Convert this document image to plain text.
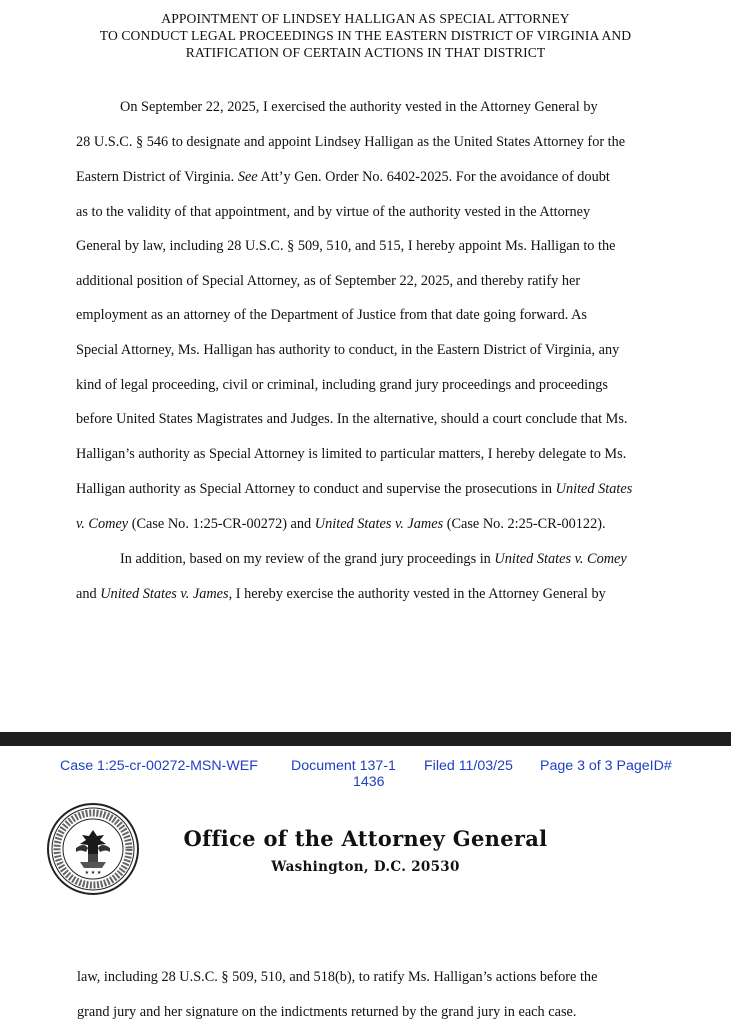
APPOINTMENT OF LINDSEY HALLIGAN AS SPECIAL ATTORNEY
TO CONDUCT LEGAL PROCEEDINGS IN THE EASTERN DISTRICT OF VIRGINIA AND
RATIFICATION OF CERTAIN ACTIONS IN THAT DISTRICT
On September 22, 2025, I exercised the authority vested in the Attorney General by
28 U.S.C. § 546 to designate and appoint Lindsey Halligan as the United States Attorney for the
Eastern District of Virginia. See Att’y Gen. Order No. 6402-2025. For the avoidance of doubt
as to the validity of that appointment, and by virtue of the authority vested in the Attorney
General by law, including 28 U.S.C. § 509, 510, and 515, I hereby appoint Ms. Halligan to the
additional position of Special Attorney, as of September 22, 2025, and thereby ratify her
employment as an attorney of the Department of Justice from that date going forward. As
Special Attorney, Ms. Halligan has authority to conduct, in the Eastern District of Virginia, any
kind of legal proceeding, civil or criminal, including grand jury proceedings and proceedings
before United States Magistrates and Judges. In the alternative, should a court conclude that Ms.
Halligan’s authority as Special Attorney is limited to particular matters, I hereby delegate to Ms.
Halligan authority as Special Attorney to conduct and supervise the prosecutions in United States
v. Comey (Case No. 1:25-CR-00272) and United States v. James (Case No. 2:25-CR-00122).
In addition, based on my review of the grand jury proceedings in United States v. Comey
and United States v. James, I hereby exercise the authority vested in the Attorney General by
Case 1:25-cr-00272-MSN-WEF Document 137-1 Filed 11/03/25 Page 3 of 3 PageID#
1436
★ ★ ★
Office of the Attorney General
Washington, D.C. 20530
law, including 28 U.S.C. § 509, 510, and 518(b), to ratify Ms. Halligan’s actions before the
grand jury and her signature on the indictments returned by the grand jury in each case.
